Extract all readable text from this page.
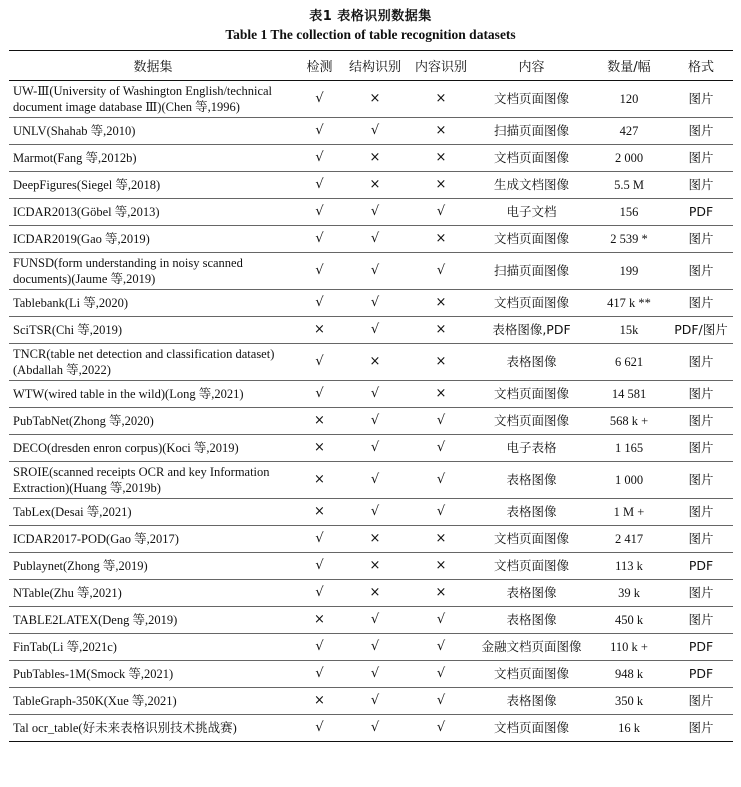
表1 表格识别数据集
Table 1 The collection of table recognition datasets
数据集	检测	结构识别	内容识别	内容	数量/幅	格式
UW-Ⅲ(University of Washington English/technical document image database Ⅲ)(Chen 等,1996)	√	×	×	文档页面图像	120	图片
UNLV(Shahab 等,2010)	√	√	×	扫描页面图像	427	图片
Marmot(Fang 等,2012b)	√	×	×	文档页面图像	2 000	图片
DeepFigures(Siegel 等,2018)	√	×	×	生成文档图像	5.5 M	图片
ICDAR2013(Göbel 等,2013)	√	√	√	电子文档	156	PDF
ICDAR2019(Gao 等,2019)	√	√	×	文档页面图像	2 539 *	图片
FUNSD(form understanding in noisy scanned documents)(Jaume 等,2019)	√	√	√	扫描页面图像	199	图片
Tablebank(Li 等,2020)	√	√	×	文档页面图像	417 k **	图片
SciTSR(Chi 等,2019)	×	√	×	表格图像,PDF	15k	PDF/图片
TNCR(table net detection and classification dataset)(Abdallah 等,2022)	√	×	×	表格图像	6 621	图片
WTW(wired table in the wild)(Long 等,2021)	√	√	×	文档页面图像	14 581	图片
PubTabNet(Zhong 等,2020)	×	√	√	文档页面图像	568 k +	图片
DECO(dresden enron corpus)(Koci 等,2019)	×	√	√	电子表格	1 165	图片
SROIE(scanned receipts OCR and key Information Extraction)(Huang 等,2019b)	×	√	√	表格图像	1 000	图片
TabLex(Desai 等,2021)	×	√	√	表格图像	1 M +	图片
ICDAR2017-POD(Gao 等,2017)	√	×	×	文档页面图像	2 417	图片
Publaynet(Zhong 等,2019)	√	×	×	文档页面图像	113 k	PDF
NTable(Zhu 等,2021)	√	×	×	表格图像	39 k	图片
TABLE2LATEX(Deng 等,2019)	×	√	√	表格图像	450 k	图片
FinTab(Li 等,2021c)	√	√	√	金融文档页面图像	110 k +	PDF
PubTables-1M(Smock 等,2021)	√	√	√	文档页面图像	948 k	PDF
TableGraph-350K(Xue 等,2021)	×	√	√	表格图像	350 k	图片
Tal ocr_table(好未来表格识别技术挑战赛)	√	√	√	文档页面图像	16 k	图片
